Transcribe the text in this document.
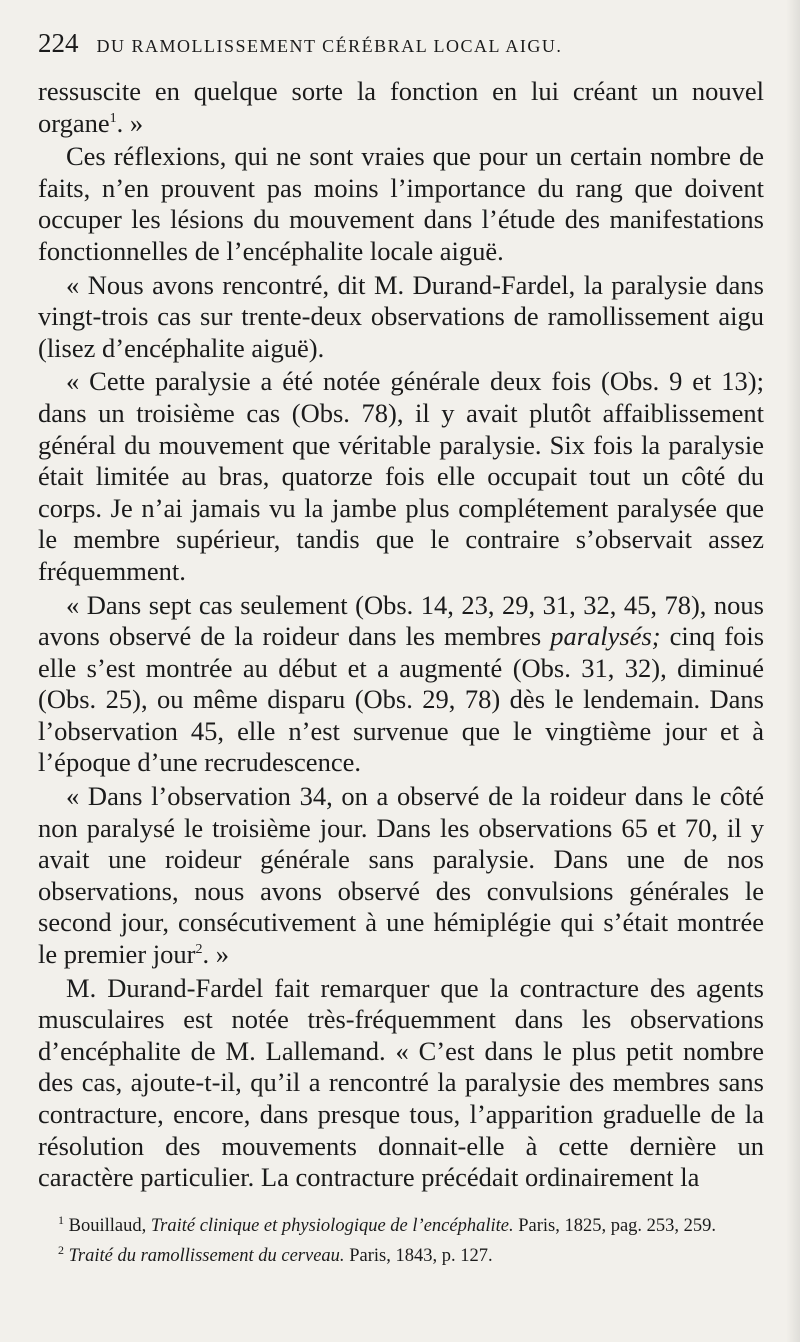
224 DU RAMOLLISSEMENT CÉRÉBRAL LOCAL AIGU.

ressuscite en quelque sorte la fonction en lui créant un nouvel organe$^1$. »

Ces réflexions, qui ne sont vraies que pour un certain nombre de faits, n’en prouvent pas moins l’importance du rang que doivent occuper les lésions du mouvement dans l’étude des manifestations fonctionnelles de l’encéphalite locale aiguë.

« Nous avons rencontré, dit M. Durand-Fardel, la paralysie dans vingt-trois cas sur trente-deux observations de ramollissement aigu (lisez d’encéphalite aiguë).

« Cette paralysie a été notée générale deux fois (Obs. 9 et 13); dans un troisième cas (Obs. 78), il y avait plutôt affaiblissement général du mouvement que véritable paralysie. Six fois la paralysie était limitée au bras, quatorze fois elle occupait tout un côté du corps. Je n’ai jamais vu la jambe plus complétement paralysée que le membre supérieur, tandis que le contraire s’observait assez fréquemment.

« Dans sept cas seulement (Obs. 14, 23, 29, 31, 32, 45, 78), nous avons observé de la roideur dans les membres paralysés; cinq fois elle s’est montrée au début et a augmenté (Obs. 31, 32), diminué (Obs. 25), ou même disparu (Obs. 29, 78) dès le lendemain. Dans l’observation 45, elle n’est survenue que le vingtième jour et à l’époque d’une recrudescence.

« Dans l’observation 34, on a observé de la roideur dans le côté non paralysé le troisième jour. Dans les observations 65 et 70, il y avait une roideur générale sans paralysie. Dans une de nos observations, nous avons observé des convulsions générales le second jour, consécutivement à une hémiplégie qui s’était montrée le premier jour$^2$. »

M. Durand-Fardel fait remarquer que la contracture des agents musculaires est notée très-fréquemment dans les observations d’encéphalite de M. Lallemand. « C’est dans le plus petit nombre des cas, ajoute-t-il, qu’il a rencontré la paralysie des membres sans contracture, encore, dans presque tous, l’apparition graduelle de la résolution des mouvements donnait-elle à cette dernière un caractère particulier. La contracture précédait ordinairement la

$^1$ Bouillaud, Traité clinique et physiologique de l’encéphalite. Paris, 1825, pag. 253, 259.

$^2$ Traité du ramollissement du cerveau. Paris, 1843, p. 127.
